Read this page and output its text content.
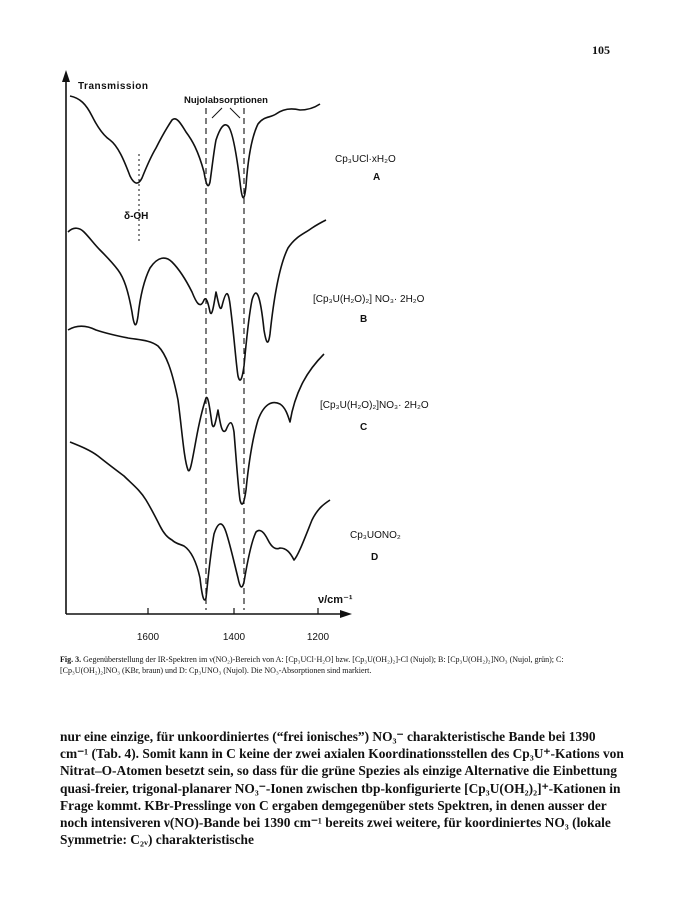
105
1600	1400	1200
Transmission
ν/cm⁻¹
Nujolabsorptionen
δ-OH
Cp₃UCl·xH₂O
A
[Cp₃U(H₂O)₂] NO₃· 2H₂O
B
[Cp₃U(H₂O)₂]NO₃· 2H₂O
C
Cp₃UONO₂
D
Fig. 3. Gegenüberstellung der IR-Spektren im ν(NO₂)-Bereich von A: [Cp₃UCl·H₂O] bzw. [Cp₃U(OH₂)₂]-Cl (Nujol); B: [Cp₃U(OH₂)₂]NO₃ (Nujol, grün); C: [Cp₃U(OH₂)₂]NO₃ (KBr, braun) und D: Cp₃UNO₃ (Nujol). Die NO₃-Absorptionen sind markiert.

nur eine einzige, für unkoordiniertes (“frei ionisches”) NO₃⁻ charakteristische Bande bei 1390 cm⁻¹ (Tab. 4). Somit kann in C keine der zwei axialen Koordinationsstellen des Cp₃U⁺-Kations von Nitrat–O-Atomen besetzt sein, so dass für die grüne Spezies als einzige Alternative die Einbettung quasi-freier, trigonal-planarer NO₃⁻-Ionen zwischen tbp-konfigurierte [Cp₃U(OH₂)₂]⁺-Kationen in Frage kommt. KBr-Presslinge von C ergaben demgegenüber stets Spektren, in denen ausser der noch intensiveren ν(NO)-Bande bei 1390 cm⁻¹ bereits zwei weitere, für koordiniertes NO₃ (lokale Symmetrie: C₂ᵥ) charakteristische
